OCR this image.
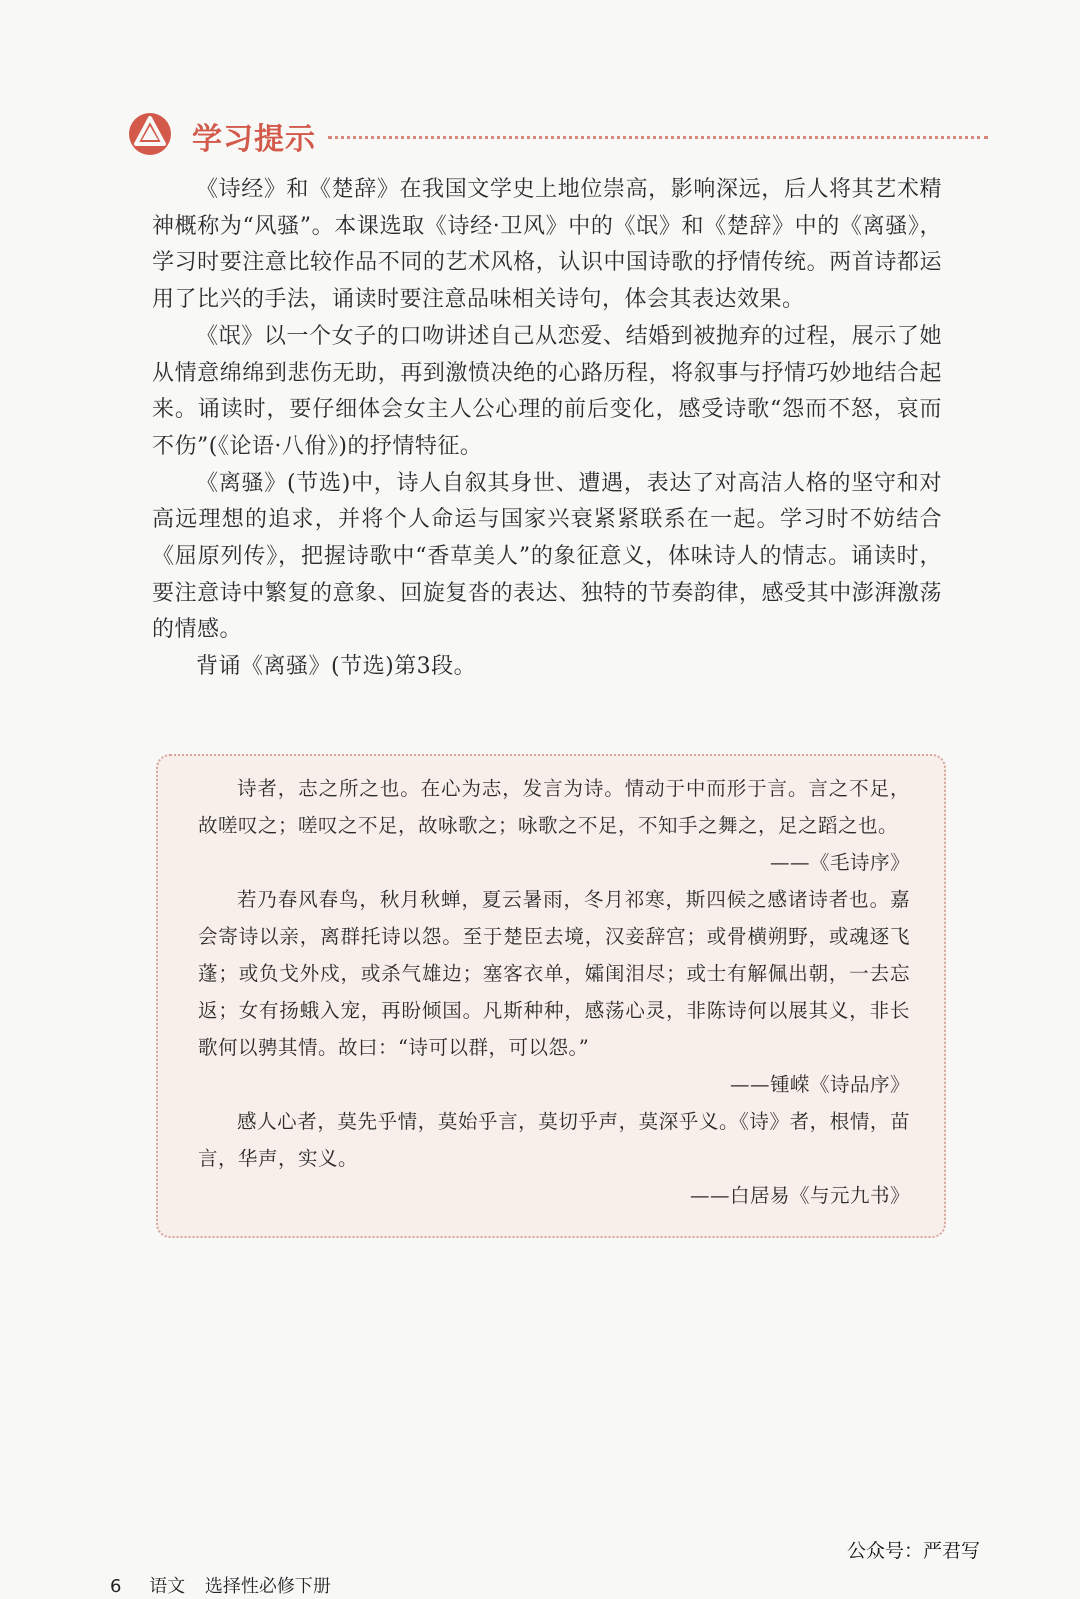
学习提示

《诗经》和《楚辞》在我国文学史上地位崇高，影响深远，后人将其艺术精神概称为“风骚”。本课选取《诗经·卫风》中的《氓》和《楚辞》中的《离骚》，学习时要注意比较作品不同的艺术风格，认识中国诗歌的抒情传统。两首诗都运用了比兴的手法，诵读时要注意品味相关诗句，体会其表达效果。

《氓》以一个女子的口吻讲述自己从恋爱、结婚到被抛弃的过程，展示了她从情意绵绵到悲伤无助，再到激愤决绝的心路历程，将叙事与抒情巧妙地结合起来。诵读时，要仔细体会女主人公心理的前后变化，感受诗歌“怨而不怒，哀而不伤”(《论语·八佾》)的抒情特征。

《离骚》(节选)中，诗人自叙其身世、遭遇，表达了对高洁人格的坚守和对高远理想的追求，并将个人命运与国家兴衰紧紧联系在一起。学习时不妨结合《屈原列传》，把握诗歌中“香草美人”的象征意义，体味诗人的情志。诵读时，要注意诗中繁复的意象、回旋复沓的表达、独特的节奏韵律，感受其中澎湃激荡的情感。

背诵《离骚》(节选)第3段。

诗者，志之所之也。在心为志，发言为诗。情动于中而形于言。言之不足，故嗟叹之；嗟叹之不足，故咏歌之；咏歌之不足，不知手之舞之，足之蹈之也。

——《毛诗序》

若乃春风春鸟，秋月秋蝉，夏云暑雨，冬月祁寒，斯四候之感诸诗者也。嘉会寄诗以亲，离群托诗以怨。至于楚臣去境，汉妾辞宫；或骨横朔野，或魂逐飞蓬；或负戈外戍，或杀气雄边；塞客衣单，孀闺泪尽；或士有解佩出朝，一去忘返；女有扬蛾入宠，再盼倾国。凡斯种种，感荡心灵，非陈诗何以展其义，非长歌何以骋其情。故曰：“诗可以群，可以怨。”

——锺嵘《诗品序》

感人心者，莫先乎情，莫始乎言，莫切乎声，莫深乎义。《诗》者，根情，苗言，华声，实义。

——白居易《与元九书》

公众号：严君写
6 语文 选择性必修下册
